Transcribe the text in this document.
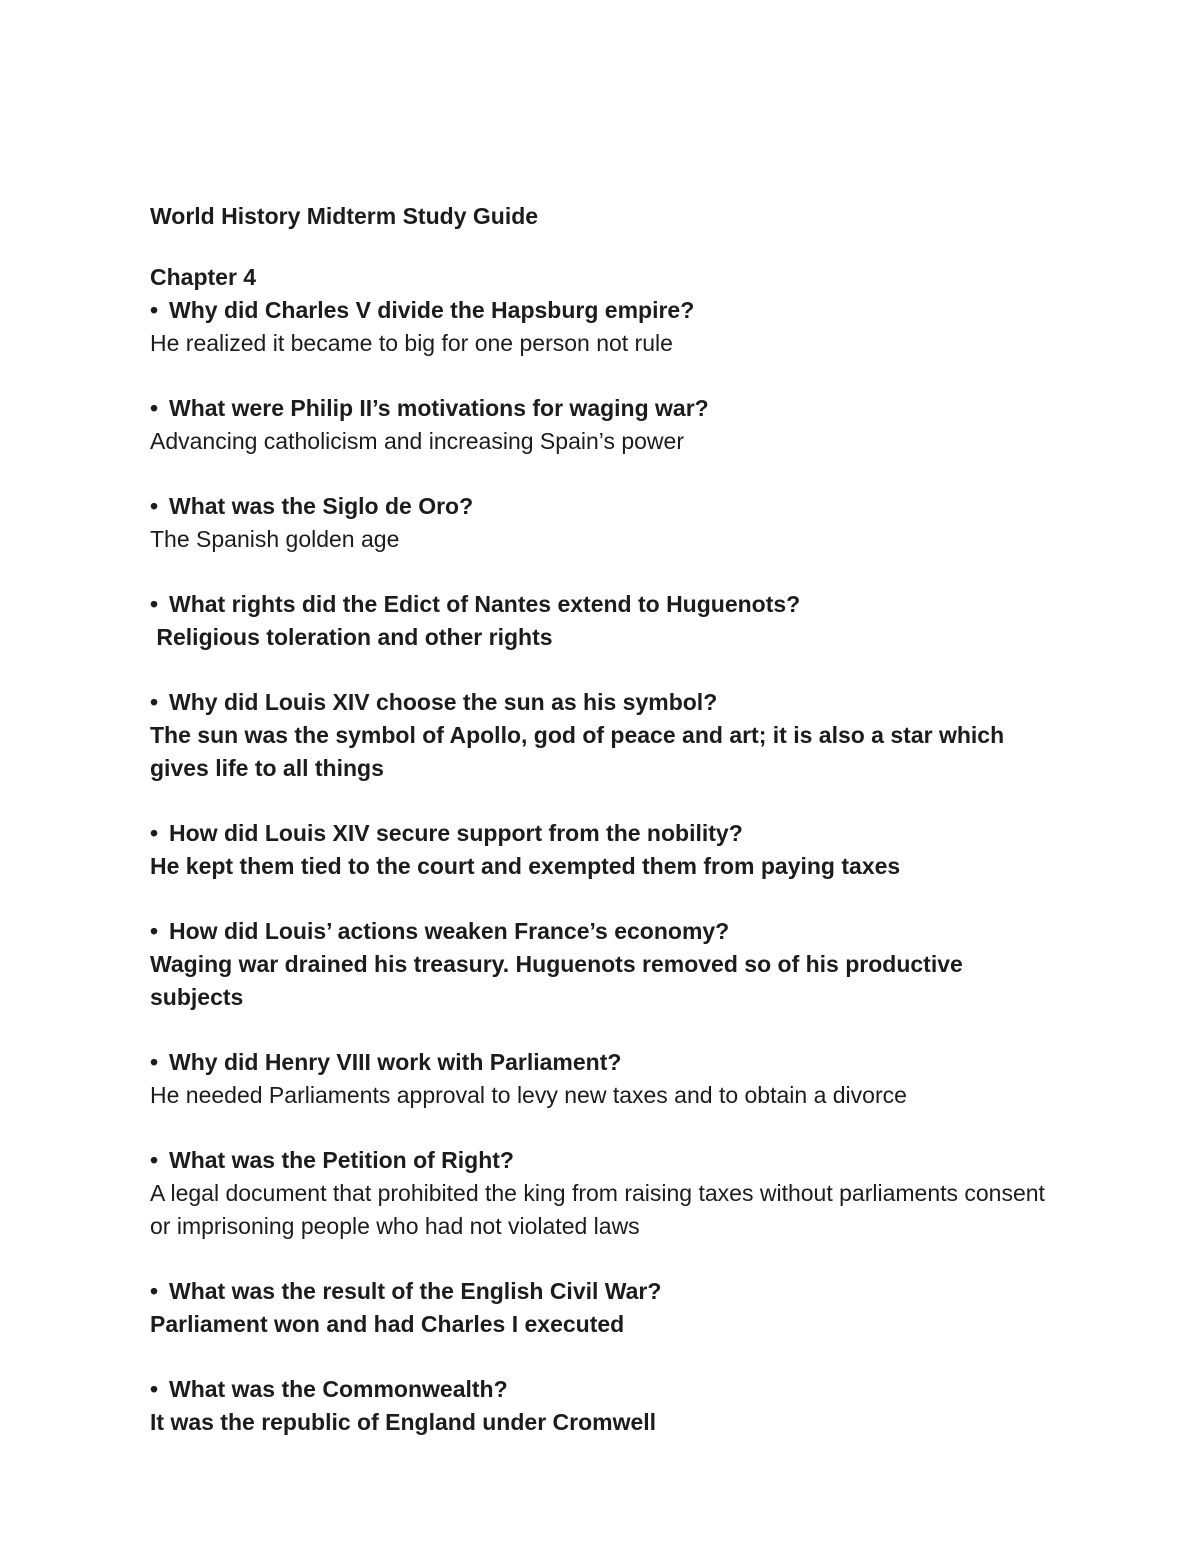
World History Midterm Study Guide
Chapter 4

• Why did Charles V divide the Hapsburg empire?

He realized it became to big for one person not rule

• What were Philip II’s motivations for waging war?

Advancing catholicism and increasing Spain’s power

• What was the Siglo de Oro?

The Spanish golden age

• What rights did the Edict of Nantes extend to Huguenots?

Religious toleration and other rights

• Why did Louis XIV choose the sun as his symbol?

The sun was the symbol of Apollo, god of peace and art; it is also a star which gives life to all things

• How did Louis XIV secure support from the nobility?

He kept them tied to the court and exempted them from paying taxes

• How did Louis’ actions weaken France’s economy?

Waging war drained his treasury. Huguenots removed so of his productive subjects

• Why did Henry VIII work with Parliament?

He needed Parliaments approval to levy new taxes and to obtain a divorce

• What was the Petition of Right?

A legal document that prohibited the king from raising taxes without parliaments consent or imprisoning people who had not violated laws

• What was the result of the English Civil War?

Parliament won and had Charles I executed

• What was the Commonwealth?

It was the republic of England under Cromwell
